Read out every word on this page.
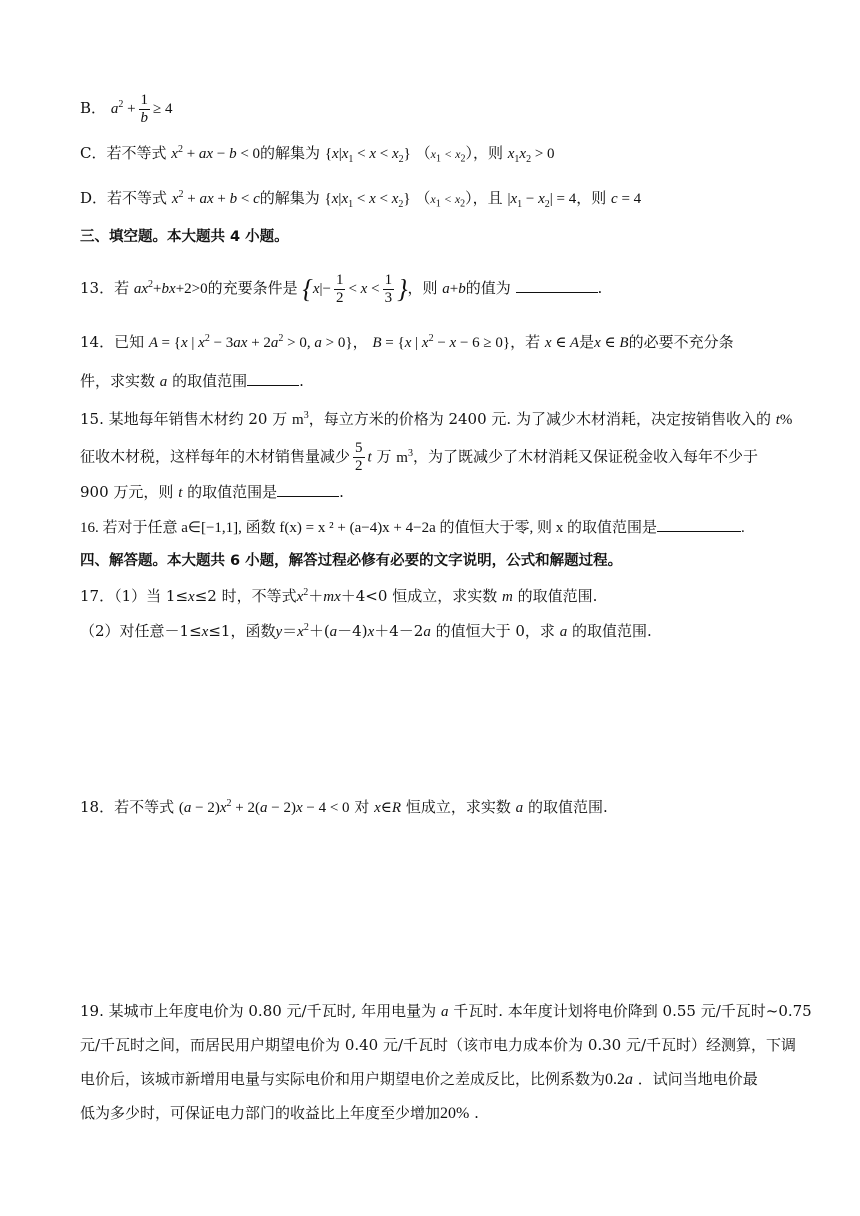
B． $a^2 + \frac{1}{b} \ge 4$
C．若不等式 $x^2$ + ax − b < 0的解集为 $\{x|x_1 < x < x_2\} (x_1 < x_2)$，则 $x_1x_2 > 0$
D．若不等式 $x^2$ + ax + b < c的解集为 $\{x|x_1 < x < x_2\} (x_1 < x_2)$，且 $|x_1 - x_2| = 4$，则 c = 4
三、填空题。本大题共 4 小题。
13．若 $ax^2+bx+2>0$的充要条件是 {$x|- \frac{1}{2} < x < \frac{1}{3}$ }，则 a+b的值为	.
14．已知 A = {x | $x^2 - 3ax + 2a^2 > 0$, a > 0}， B = {x | $x^2 - x - 6 \ge 0$}，若 x ∈ A是x ∈ B的必要不充分条
件，求实数 a 的取值范围	.
15. 某地每年销售木材约 20 万 $m^3$，每立方米的价格为 2400 元. 为了减少木材消耗，决定按销售收入的 t%
征收木材税，这样每年的木材销售量减少 $\frac{5}{2}$ t 万 $m^3$，为了既减少了木材消耗又保证税金收入每年不少于
900 万元，则 t 的取值范围是	.
16. 若对于任意 a∈[−1,1], 函数 f(x) = x ² + (a−4)x + 4−2a 的值恒大于零, 则 x 的取值范围是	.
四、解答题。本大题共 6 小题，解答过程必修有必要的文字说明，公式和解题过程。
17．（1）当 1≤x≤2 时，不等式$x^2+mx+4<0$ 恒成立，求实数 m 的取值范围.
（2）对任意－1≤x≤1，函数$y=x^2+(a-4)x+4-2a$ 的值恒大于 0，求 a 的取值范围.
18．若不等式 $(a - 2)x^2 + 2(a - 2)x - 4 < 0$ 对 x∈R 恒成立，求实数 a 的取值范围.
19. 某城市上年度电价为 0.80 元/千瓦时, 年用电量为 a 千瓦时. 本年度计划将电价降到 0.55 元/千瓦时~0.75
元/千瓦时之间，而居民用户期望电价为 0.40 元/千瓦时（该市电力成本价为 0.30 元/千瓦时）经测算，下调
电价后，该城市新增用电量与实际电价和用户期望电价之差成反比，比例系数为0.2a ．试问当地电价最
低为多少时，可保证电力部门的收益比上年度至少增加20% .
